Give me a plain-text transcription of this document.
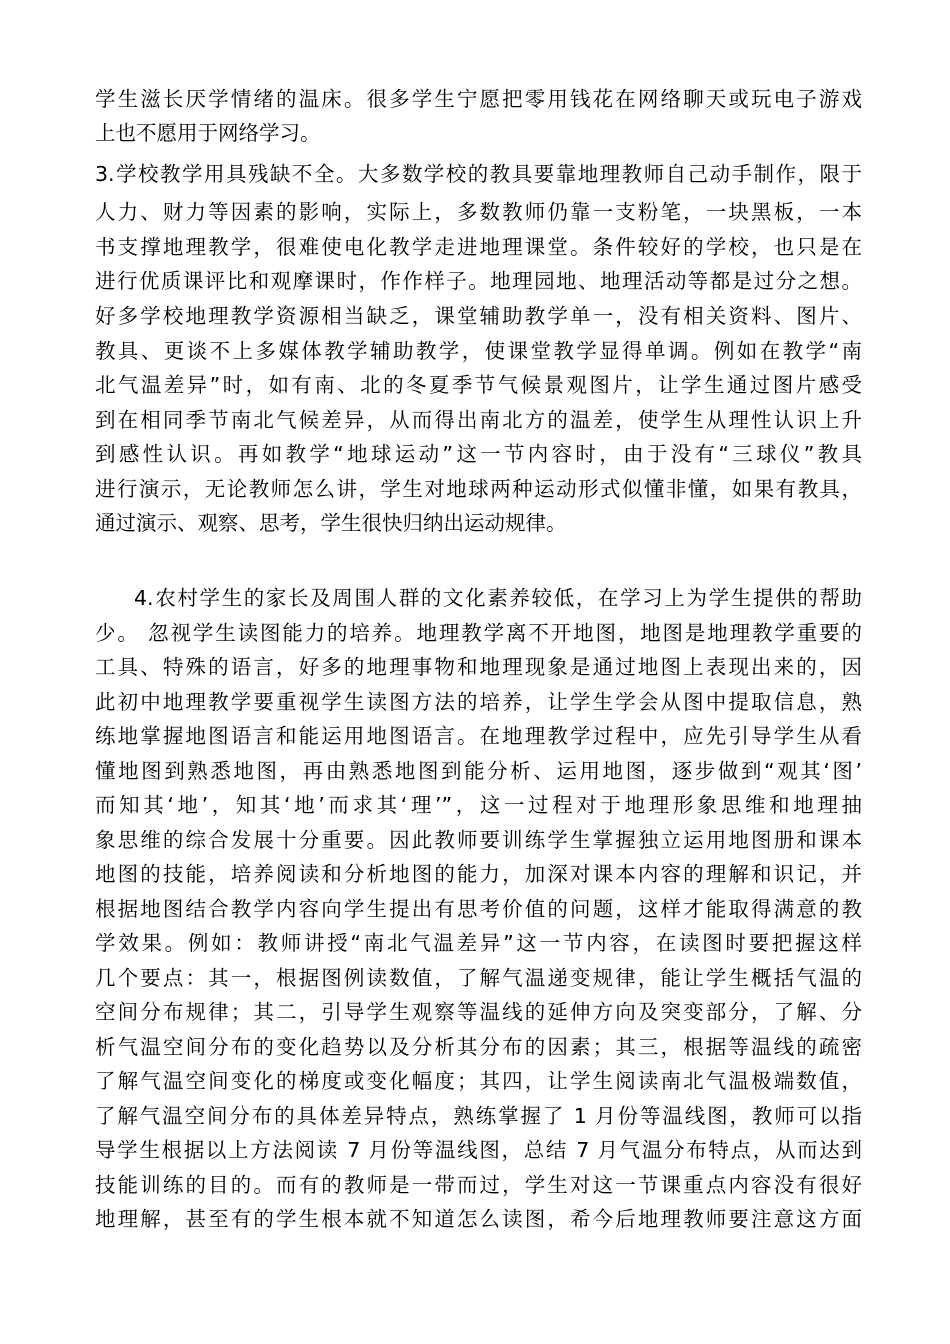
学生滋长厌学情绪的温床。很多学生宁愿把零用钱花在网络聊天或玩电子游戏
上也不愿用于网络学习。
3.学校教学用具残缺不全。大多数学校的教具要靠地理教师自己动手制作，限于
人力、财力等因素的影响，实际上，多数教师仍靠一支粉笔，一块黑板，一本
书支撑地理教学，很难使电化教学走进地理课堂。条件较好的学校，也只是在
进行优质课评比和观摩课时，作作样子。地理园地、地理活动等都是过分之想。
好多学校地理教学资源相当缺乏，课堂辅助教学单一，没有相关资料、图片、
教具、更谈不上多媒体教学辅助教学，使课堂教学显得单调。例如在教学“南
北气温差异”时，如有南、北的冬夏季节气候景观图片，让学生通过图片感受
到在相同季节南北气候差异，从而得出南北方的温差，使学生从理性认识上升
到感性认识。再如教学“地球运动”这一节内容时，由于没有“三球仪”教具
进行演示，无论教师怎么讲，学生对地球两种运动形式似懂非懂，如果有教具，
通过演示、观察、思考，学生很快归纳出运动规律。
4.农村学生的家长及周围人群的文化素养较低，在学习上为学生提供的帮助
少。 忽视学生读图能力的培养。地理教学离不开地图，地图是地理教学重要的
工具、特殊的语言，好多的地理事物和地理现象是通过地图上表现出来的，因
此初中地理教学要重视学生读图方法的培养，让学生学会从图中提取信息，熟
练地掌握地图语言和能运用地图语言。在地理教学过程中，应先引导学生从看
懂地图到熟悉地图，再由熟悉地图到能分析、运用地图，逐步做到“观其‘图’
而知其‘地’，知其‘地’而求其‘理’”，这一过程对于地理形象思维和地理抽
象思维的综合发展十分重要。因此教师要训练学生掌握独立运用地图册和课本
地图的技能，培养阅读和分析地图的能力，加深对课本内容的理解和识记，并
根据地图结合教学内容向学生提出有思考价值的问题，这样才能取得满意的教
学效果。例如：教师讲授“南北气温差异”这一节内容，在读图时要把握这样
几个要点：其一，根据图例读数值，了解气温递变规律，能让学生概括气温的
空间分布规律；其二，引导学生观察等温线的延伸方向及突变部分，了解、分
析气温空间分布的变化趋势以及分析其分布的因素；其三，根据等温线的疏密
了解气温空间变化的梯度或变化幅度；其四，让学生阅读南北气温极端数值，
了解气温空间分布的具体差异特点，熟练掌握了 1 月份等温线图，教师可以指
导学生根据以上方法阅读 7 月份等温线图，总结 7 月气温分布特点，从而达到
技能训练的目的。而有的教师是一带而过，学生对这一节课重点内容没有很好
地理解，甚至有的学生根本就不知道怎么读图，希今后地理教师要注意这方面
